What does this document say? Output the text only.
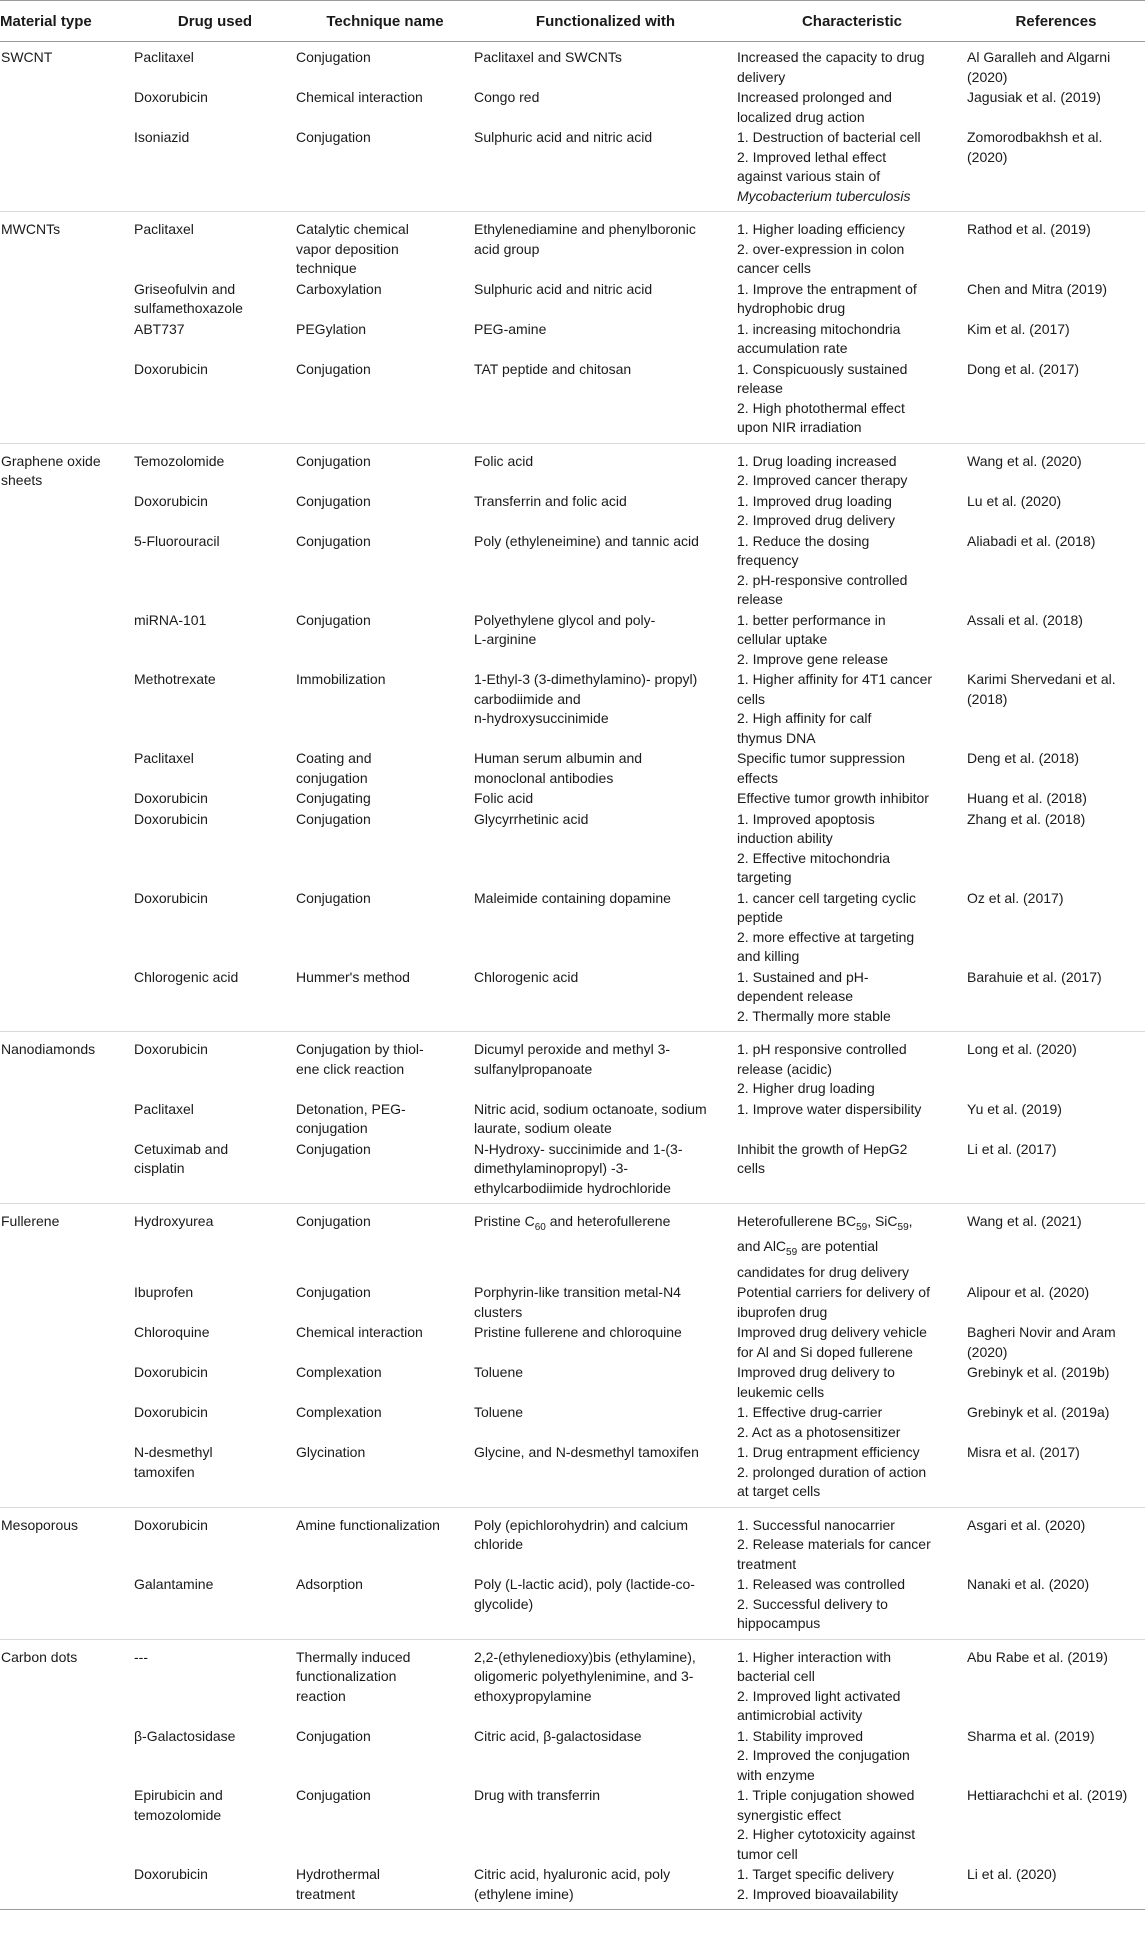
Material type	Drug used	Technique name	Functionalized with	Characteristic	References

SWCNT	Paclitaxel	Conjugation	Paclitaxel and SWCNTs	Increased the capacity to drug
delivery	Al Garalleh and Algarni
(2020)

	Doxorubicin	Chemical interaction	Congo red	Increased prolonged and
localized drug action	Jagusiak et al. (2019)

	Isoniazid	Conjugation	Sulphuric acid and nitric acid	1. Destruction of bacterial cell
2. Improved lethal effect
against various stain of
Mycobacterium tuberculosis	Zomorodbakhsh et al. (2020)

MWCNTs	Paclitaxel	Catalytic chemical
vapor deposition
technique	Ethylenediamine and phenylboronic
acid group	1. Higher loading efficiency
2. over-expression in colon
cancer cells	Rathod et al. (2019)

	Griseofulvin and
sulfamethoxazole	Carboxylation	Sulphuric acid and nitric acid	1. Improve the entrapment of
hydrophobic drug	Chen and Mitra (2019)

	ABT737	PEGylation	PEG-amine	1. increasing mitochondria
accumulation rate	Kim et al. (2017)

	Doxorubicin	Conjugation	TAT peptide and chitosan	1. Conspicuously sustained
release
2. High photothermal effect
upon NIR irradiation	Dong et al. (2017)

Graphene oxide
sheets	Temozolomide	Conjugation	Folic acid	1. Drug loading increased
2. Improved cancer therapy	Wang et al. (2020)

	Doxorubicin	Conjugation	Transferrin and folic acid	1. Improved drug loading
2. Improved drug delivery	Lu et al. (2020)

	5-Fluorouracil	Conjugation	Poly (ethyleneimine) and tannic acid	1. Reduce the dosing
frequency
2. pH-responsive controlled
release	Aliabadi et al. (2018)

	miRNA-101	Conjugation	Polyethylene glycol and poly-
L-arginine	1. better performance in
cellular uptake
2. Improve gene release	Assali et al. (2018)

	Methotrexate	Immobilization	1-Ethyl-3 (3-dimethylamino)- propyl)
carbodiimide and
n-hydroxysuccinimide	1. Higher affinity for 4T1 cancer
cells
2. High affinity for calf
thymus DNA	Karimi Shervedani et al.
(2018)

	Paclitaxel	Coating and
conjugation	Human serum albumin and
monoclonal antibodies	Specific tumor suppression
effects	Deng et al. (2018)

	Doxorubicin	Conjugating	Folic acid	Effective tumor growth inhibitor	Huang et al. (2018)

	Doxorubicin	Conjugation	Glycyrrhetinic acid	1. Improved apoptosis
induction ability
2. Effective mitochondria
targeting	Zhang et al. (2018)

	Doxorubicin	Conjugation	Maleimide containing dopamine	1. cancer cell targeting cyclic
peptide
2. more effective at targeting
and killing	Oz et al. (2017)

	Chlorogenic acid	Hummer's method	Chlorogenic acid	1. Sustained and pH-
dependent release
2. Thermally more stable	Barahuie et al. (2017)

Nanodiamonds	Doxorubicin	Conjugation by thiol-
ene click reaction	Dicumyl peroxide and methyl 3-
sulfanylpropanoate	1. pH responsive controlled
release (acidic)
2. Higher drug loading	Long et al. (2020)

	Paclitaxel	Detonation, PEG-
conjugation	Nitric acid, sodium octanoate, sodium
laurate, sodium oleate	1. Improve water dispersibility	Yu et al. (2019)

	Cetuximab and
cisplatin	Conjugation	N-Hydroxy- succinimide and 1-(3-
dimethylaminopropyl) -3-
ethylcarbodiimide hydrochloride	Inhibit the growth of HepG2
cells	Li et al. (2017)

Fullerene	Hydroxyurea	Conjugation	Pristine $C_{60}$ and heterofullerene	Heterofullerene $BC_{59}$, SiC$_{59}$,
and AlC$_{59}$ are potential
candidates for drug delivery	Wang et al. (2021)

	Ibuprofen	Conjugation	Porphyrin-like transition metal-N4
clusters	Potential carriers for delivery of
ibuprofen drug	Alipour et al. (2020)

	Chloroquine	Chemical interaction	Pristine fullerene and chloroquine	Improved drug delivery vehicle
for Al and Si doped fullerene	Bagheri Novir and Aram
(2020)

	Doxorubicin	Complexation	Toluene	Improved drug delivery to
leukemic cells	Grebinyk et al. (2019b)

	Doxorubicin	Complexation	Toluene	1. Effective drug-carrier
2. Act as a photosensitizer	Grebinyk et al. (2019a)

	N-desmethyl
tamoxifen	Glycination	Glycine, and N-desmethyl tamoxifen	1. Drug entrapment efficiency
2. prolonged duration of action
at target cells	Misra et al. (2017)

Mesoporous	Doxorubicin	Amine functionalization	Poly (epichlorohydrin) and calcium
chloride	1. Successful nanocarrier
2. Release materials for cancer
treatment	Asgari et al. (2020)

	Galantamine	Adsorption	Poly (L-lactic acid), poly (lactide-co-
glycolide)	1. Released was controlled
2. Successful delivery to
hippocampus	Nanaki et al. (2020)

Carbon dots	---	Thermally induced
functionalization
reaction	2,2-(ethylenedioxy)bis (ethylamine),
oligomeric polyethylenimine, and 3-
ethoxypropylamine	1. Higher interaction with
bacterial cell
2. Improved light activated
antimicrobial activity	Abu Rabe et al. (2019)

	β-Galactosidase	Conjugation	Citric acid, β-galactosidase	1. Stability improved
2. Improved the conjugation
with enzyme	Sharma et al. (2019)

	Epirubicin and
temozolomide	Conjugation	Drug with transferrin	1. Triple conjugation showed
synergistic effect
2. Higher cytotoxicity against
tumor cell	Hettiarachchi et al. (2019)

	Doxorubicin	Hydrothermal
treatment	Citric acid, hyaluronic acid, poly
(ethylene imine)	1. Target specific delivery
2. Improved bioavailability	Li et al. (2020)
